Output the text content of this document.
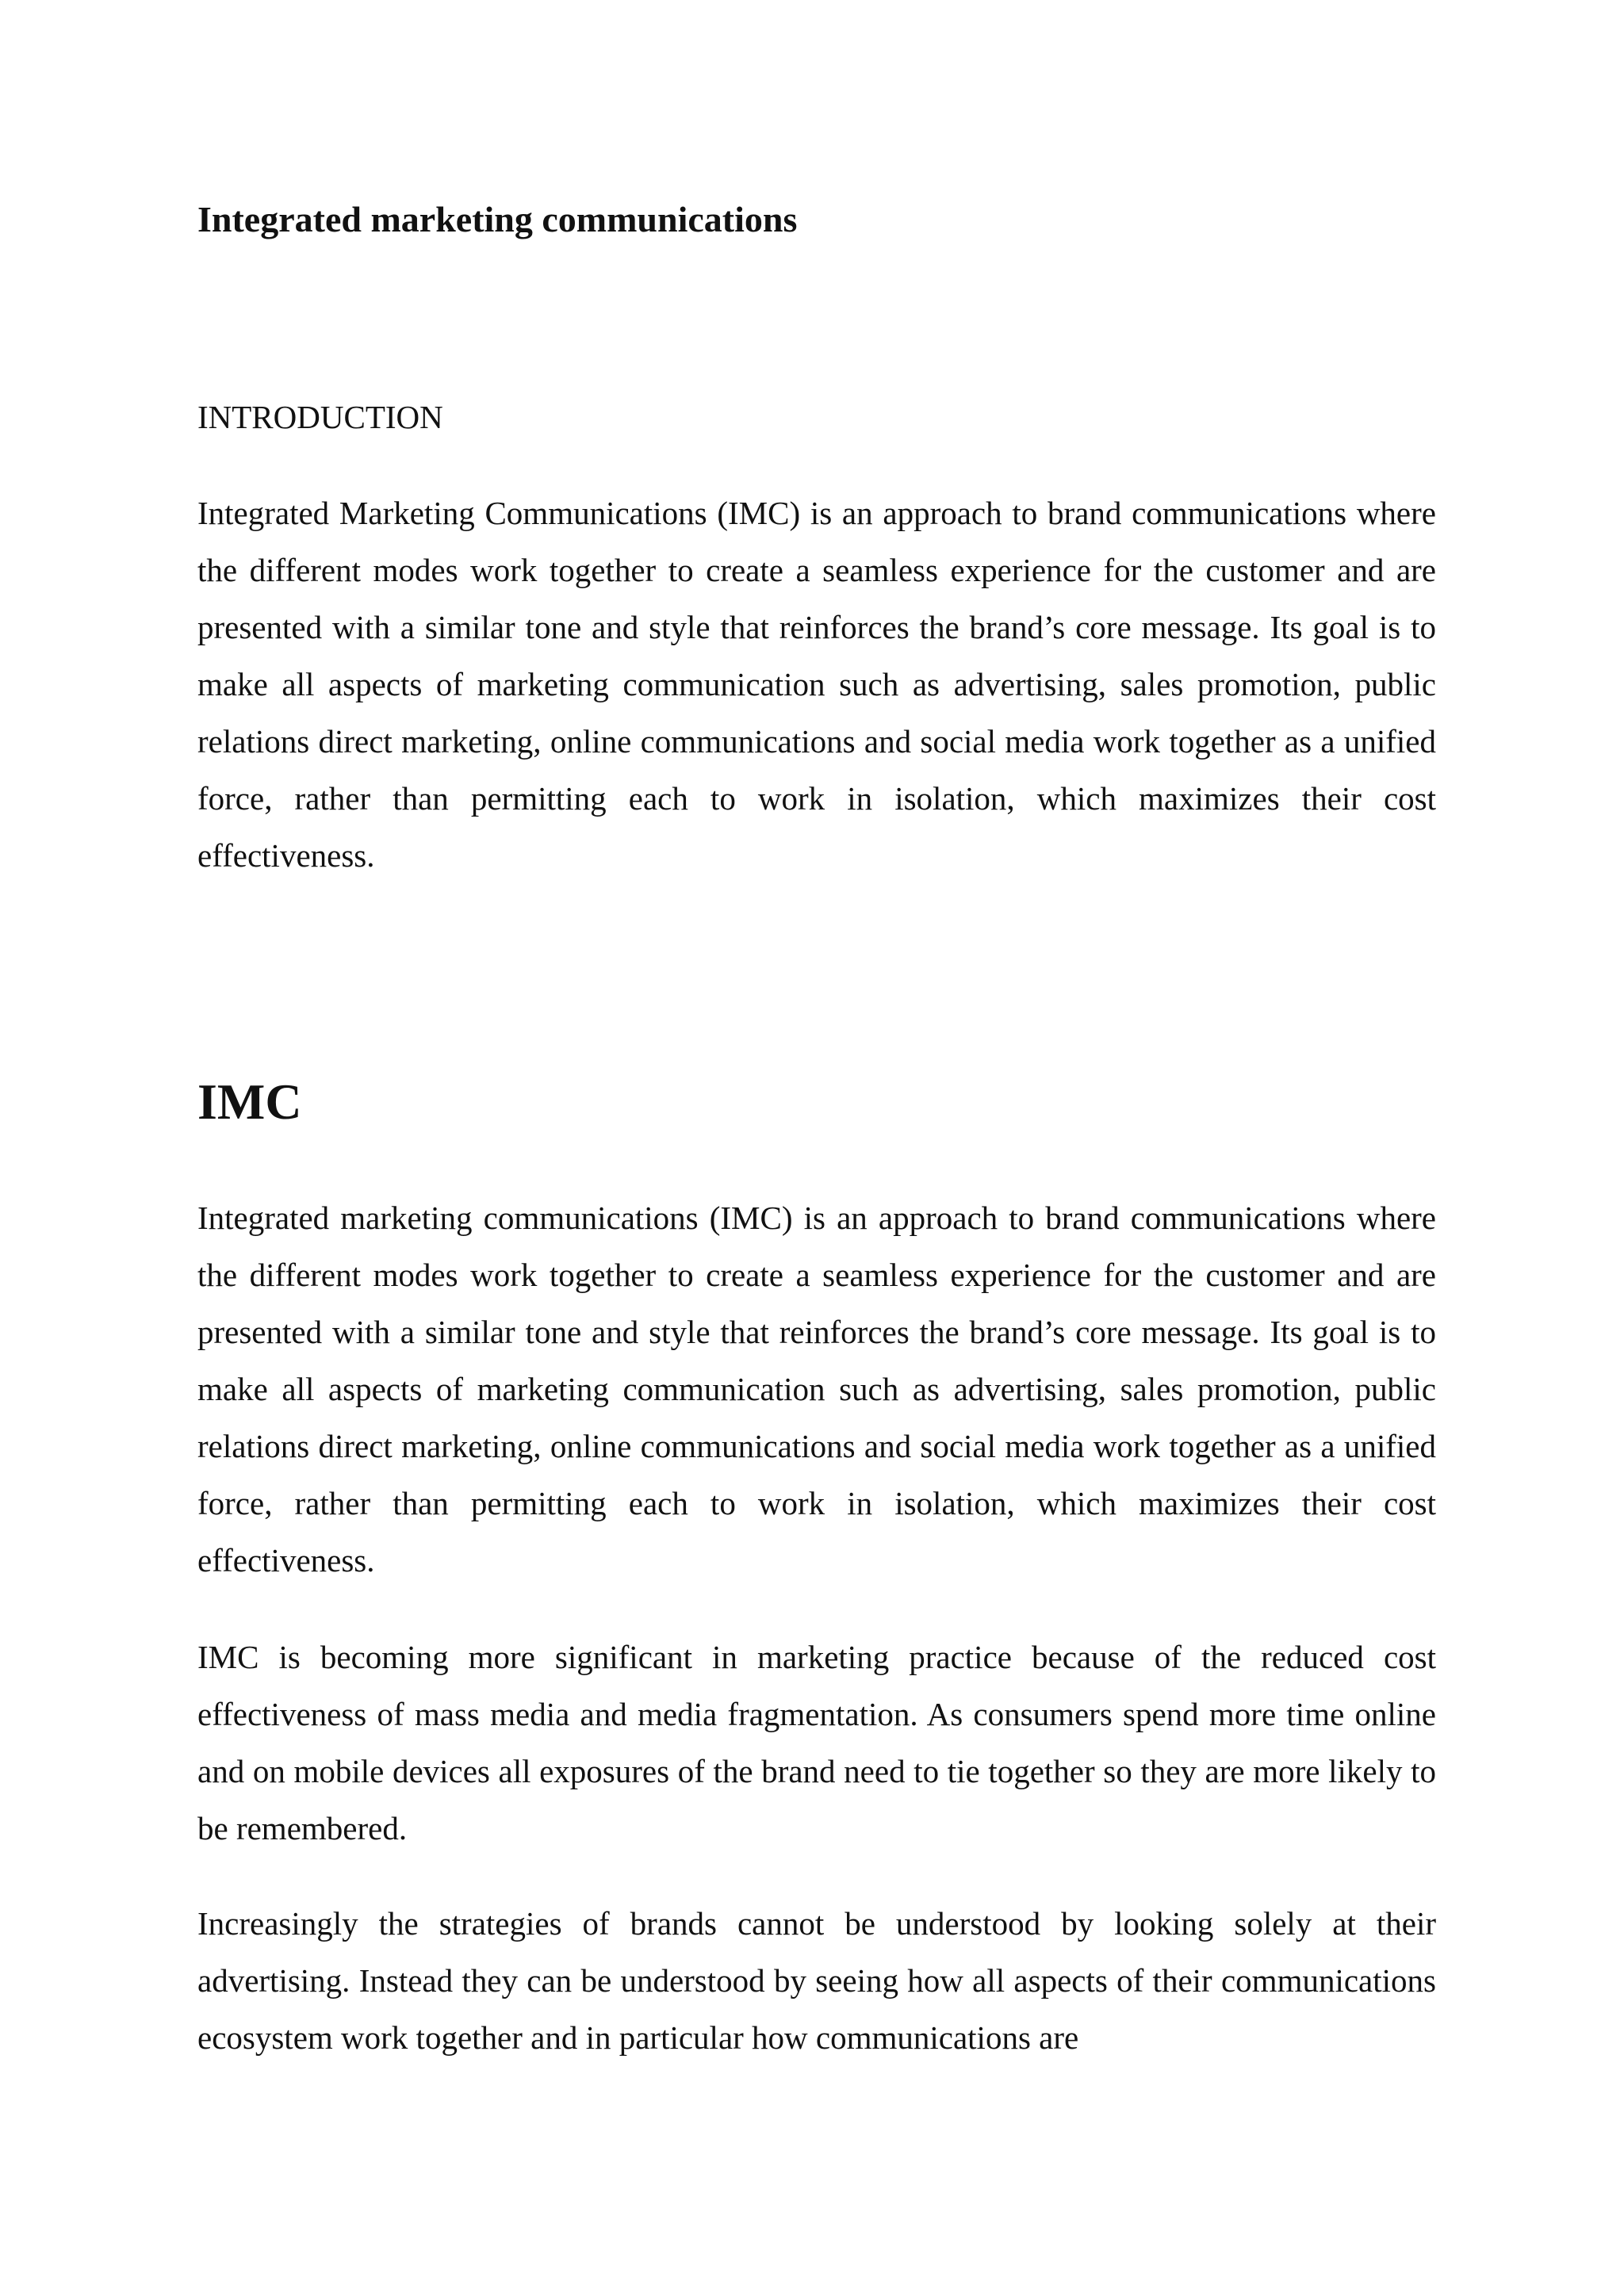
Integrated marketing communications

INTRODUCTION

Integrated Marketing Communications (IMC) is an approach to brand communications where the different modes work together to create a seamless experience for the customer and are presented with a similar tone and style that reinforces the brand’s core message. Its goal is to make all aspects of marketing communication such as advertising, sales promotion, public relations direct marketing, online communications and social media work together as a unified force, rather than permitting each to work in isolation, which maximizes their cost effectiveness.

IMC

Integrated marketing communications (IMC) is an approach to brand communications where the different modes work together to create a seamless experience for the customer and are presented with a similar tone and style that reinforces the brand’s core message. Its goal is to make all aspects of marketing communication such as advertising, sales promotion, public relations direct marketing, online communications and social media work together as a unified force, rather than permitting each to work in isolation, which maximizes their cost effectiveness.

IMC is becoming more significant in marketing practice because of the reduced cost effectiveness of mass media and media fragmentation. As consumers spend more time online and on mobile devices all exposures of the brand need to tie together so they are more likely to be remembered.

Increasingly the strategies of brands cannot be understood by looking solely at their advertising. Instead they can be understood by seeing how all aspects of their communications ecosystem work together and in particular how communications are
